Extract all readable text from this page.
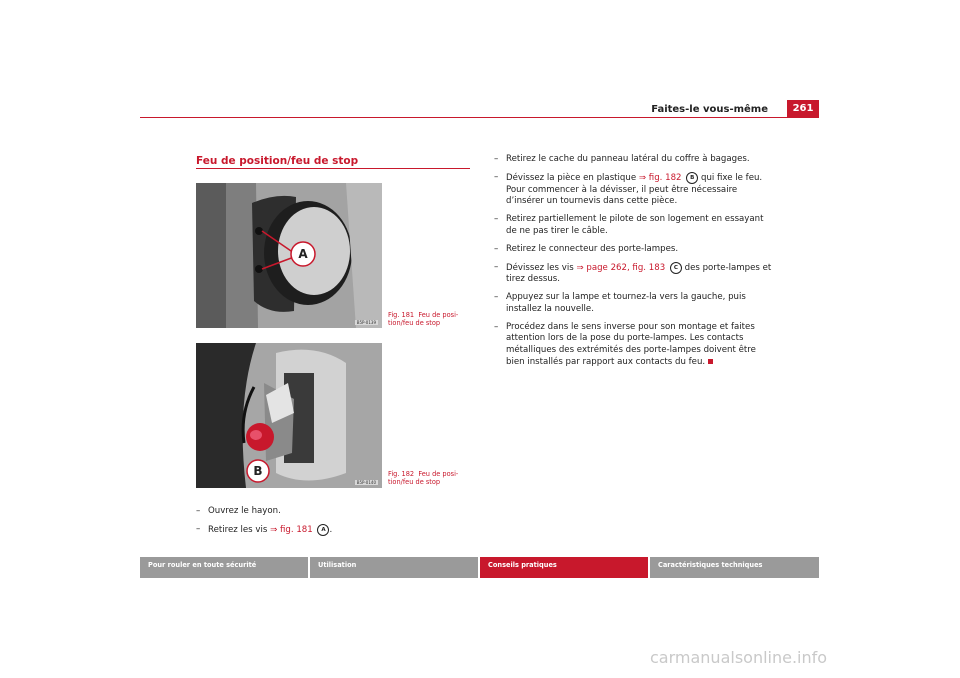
Faites-le vous-même	261
Feu de position/feu de stop
A
B5P-0139
Fig. 181 Feu de posi-
tion/feu de stop
B
B5P-0140
Fig. 182 Feu de posi-
tion/feu de stop
– Ouvrez le hayon.
– Retirez les vis ⇒ fig. 181 A .
– Retirez le cache du panneau latéral du coffre à bagages.
– Dévissez la pièce en plastique ⇒ fig. 182 B qui fixe le feu. Pour commencer à la dévisser, il peut être nécessaire d’insérer un tournevis dans cette pièce.
– Retirez partiellement le pilote de son logement en essayant de ne pas tirer le câble.
– Retirez le connecteur des porte-lampes.
– Dévissez les vis ⇒ page 262, fig. 183 C des porte-lampes et tirez dessus.
– Appuyez sur la lampe et tournez-la vers la gauche, puis installez la nouvelle.
– Procédez dans le sens inverse pour son montage et faites attention lors de la pose du porte-lampes. Les contacts métalliques des extrémités des porte-lampes doivent être bien installés par rapport aux contacts du feu.
Pour rouler en toute sécurité	Utilisation	Conseils pratiques	Caractéristiques techniques
carmanualsonline.info
